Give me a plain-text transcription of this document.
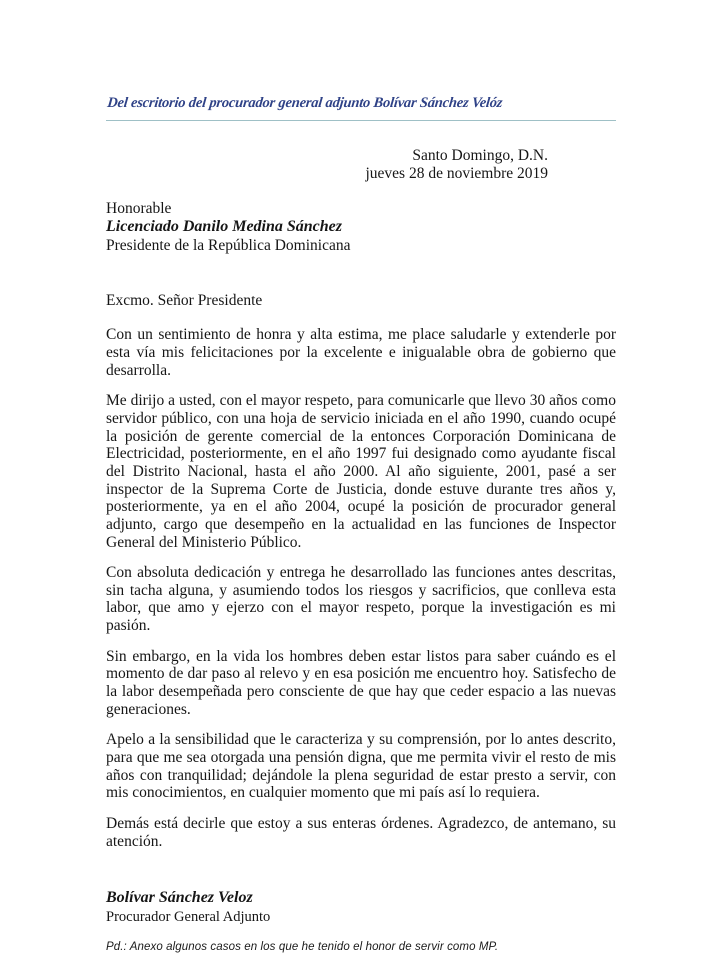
Del escritorio del procurador general adjunto Bolívar Sánchez Velóz
Santo Domingo, D.N.
jueves 28 de noviembre 2019
Honorable
Licenciado Danilo Medina Sánchez
Presidente de la República Dominicana
Excmo. Señor Presidente

Con un sentimiento de honra y alta estima, me place saludarle y extenderle por esta vía mis felicitaciones por la excelente e inigualable obra de gobierno que desarrolla.

Me dirijo a usted, con el mayor respeto, para comunicarle que llevo 30 años como servidor público, con una hoja de servicio iniciada en el año 1990, cuando ocupé la posición de gerente comercial de la entonces Corporación Dominicana de Electricidad, posteriormente, en el año 1997 fui designado como ayudante fiscal del Distrito Nacional, hasta el año 2000. Al año siguiente, 2001, pasé a ser inspector de la Suprema Corte de Justicia, donde estuve durante tres años y, posteriormente, ya en el año 2004, ocupé la posición de procurador general adjunto, cargo que desempeño en la actualidad en las funciones de Inspector General del Ministerio Público.

Con absoluta dedicación y entrega he desarrollado las funciones antes descritas, sin tacha alguna, y asumiendo todos los riesgos y sacrificios, que conlleva esta labor, que amo y ejerzo con el mayor respeto, porque la investigación es mi pasión.

Sin embargo, en la vida los hombres deben estar listos para saber cuándo es el momento de dar paso al relevo y en esa posición me encuentro hoy. Satisfecho de la labor desempeñada pero consciente de que hay que ceder espacio a las nuevas generaciones.

Apelo a la sensibilidad que le caracteriza y su comprensión, por lo antes descrito, para que me sea otorgada una pensión digna, que me permita vivir el resto de mis años con tranquilidad; dejándole la plena seguridad de estar presto a servir, con mis conocimientos, en cualquier momento que mi país así lo requiera.

Demás está decirle que estoy a sus enteras órdenes. Agradezco, de antemano, su atención.

Bolívar Sánchez Veloz
Procurador General Adjunto
Pd.: Anexo algunos casos en los que he tenido el honor de servir como MP.
